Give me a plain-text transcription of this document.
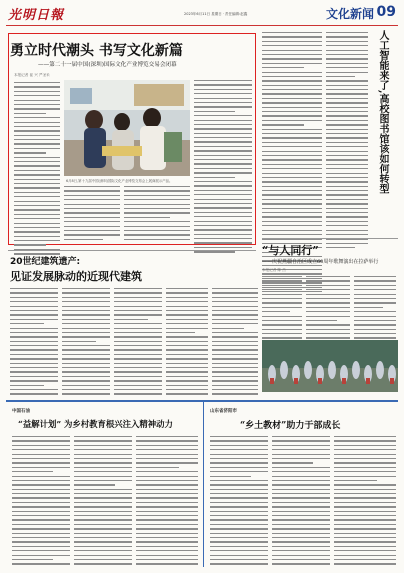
光明日報	2023年6月11日 星期日 · 责任编辑:赵鑫	文化新闻 09
勇立时代潮头 书写文化新篇
——第二十一届中国(深圳)国际文化产业博览交易会闭幕
本报记者 崔 兴 严圣禾
6月8日,第十九届中国(深圳)国际文化产业博览交易会上展商展示产品。	人工智能来了,高校图书馆该如何转型
“与人同行”
——庆祝燕疆自治区成立60周年歌舞演出在拉萨举行
本报记者 陈 杰
20世纪建筑遗产:
见证发展脉动的近现代建筑
中国石油
“益解计划” 为乡村教育根兴注入精神动力
山东省济阳市
“乡土教材”助力于部成长
